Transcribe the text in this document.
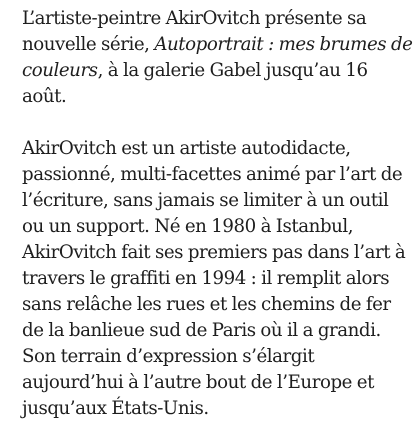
L’artiste-peintre AkirOvitch présente sa nouvelle série, Autoportrait : mes brumes de couleurs, à la galerie Gabel jusqu’au 16 août.

AkirOvitch est un artiste autodidacte, passionné, multi-facettes animé par l’art de l’écriture, sans jamais se limiter à un outil ou un support. Né en 1980 à Istanbul, AkirOvitch fait ses premiers pas dans l’art à travers le graffiti en 1994 : il remplit alors sans relâche les rues et les chemins de fer de la banlieue sud de Paris où il a grandi. Son terrain d’expression s’élargit aujourd’hui à l’autre bout de l’Europe et jusqu’aux États-Unis.
